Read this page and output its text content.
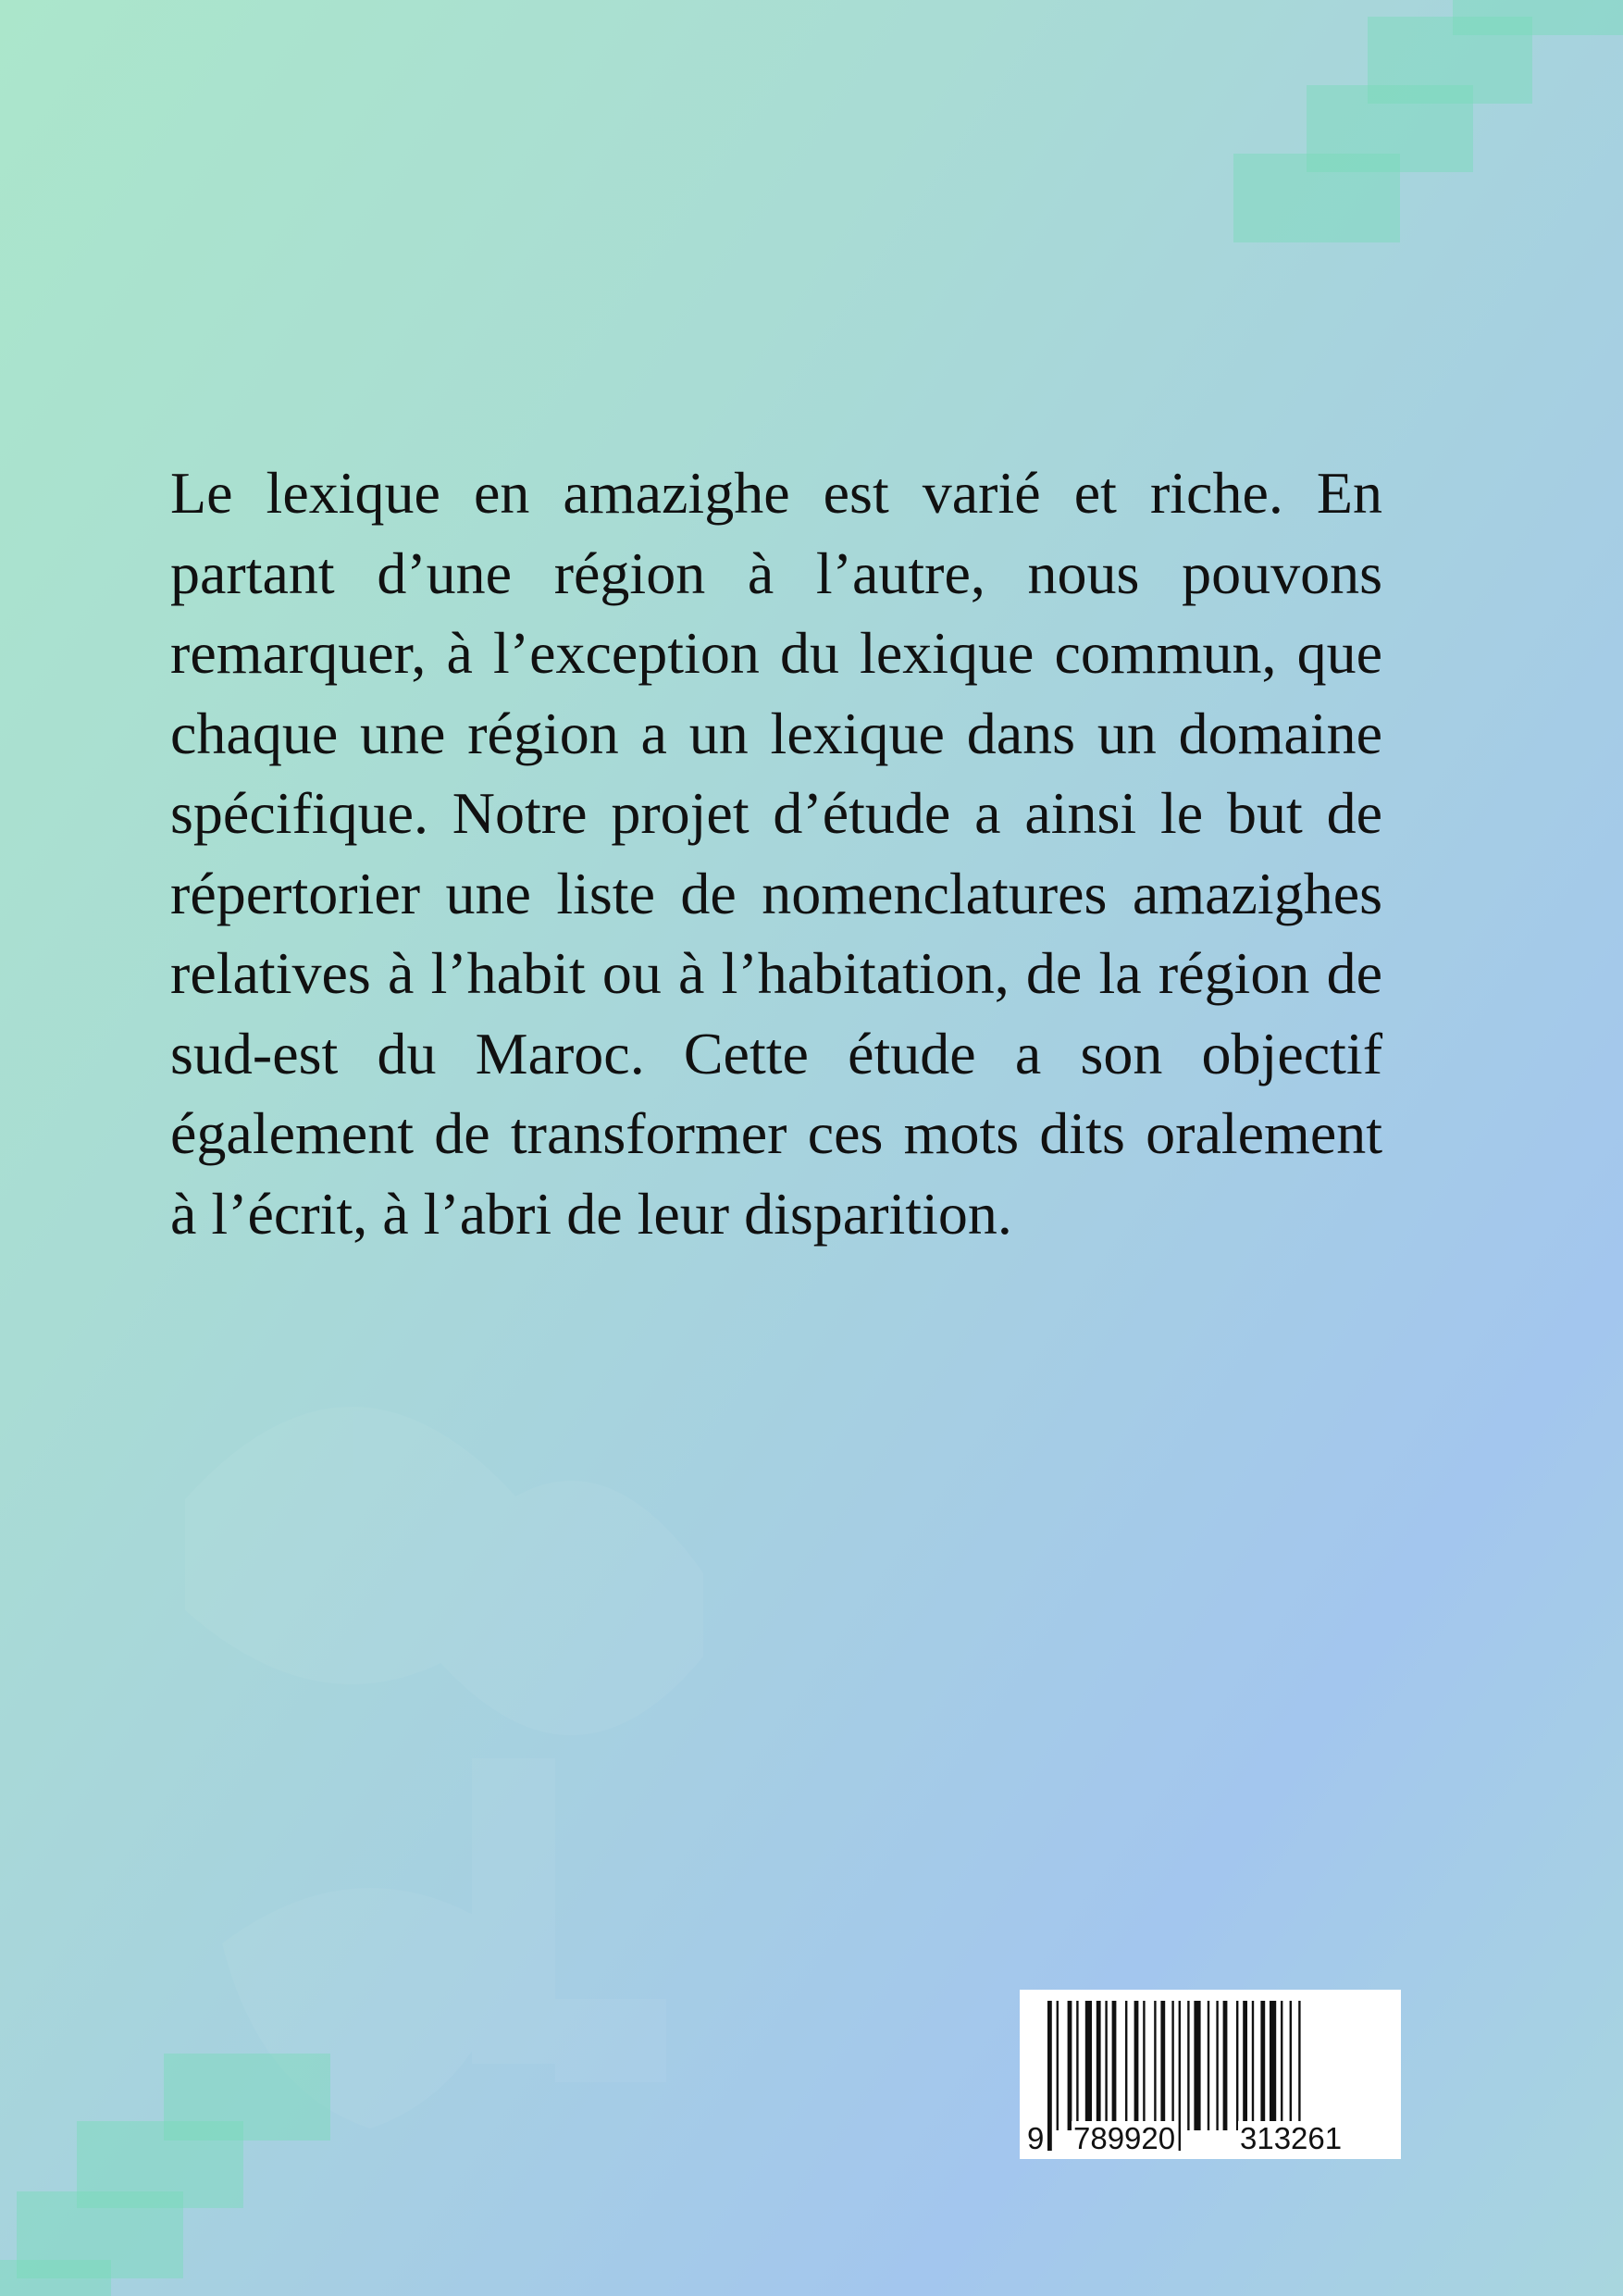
Le lexique en amazighe est varié et riche. En partant d’une région à l’autre, nous pouvons remarquer, à l’exception du lexique commun, que chaque une région a un lexique dans un domaine spécifique. Notre projet d’étude a ainsi le but de répertorier une liste de nomenclatures amazighes relatives à l’habit ou à l’habitation, de la région de sud-est du Maroc. Cette étude a son objectif également de transformer ces mots dits oralement à l’écrit, à l’abri de leur disparition.

9 789920 313261
